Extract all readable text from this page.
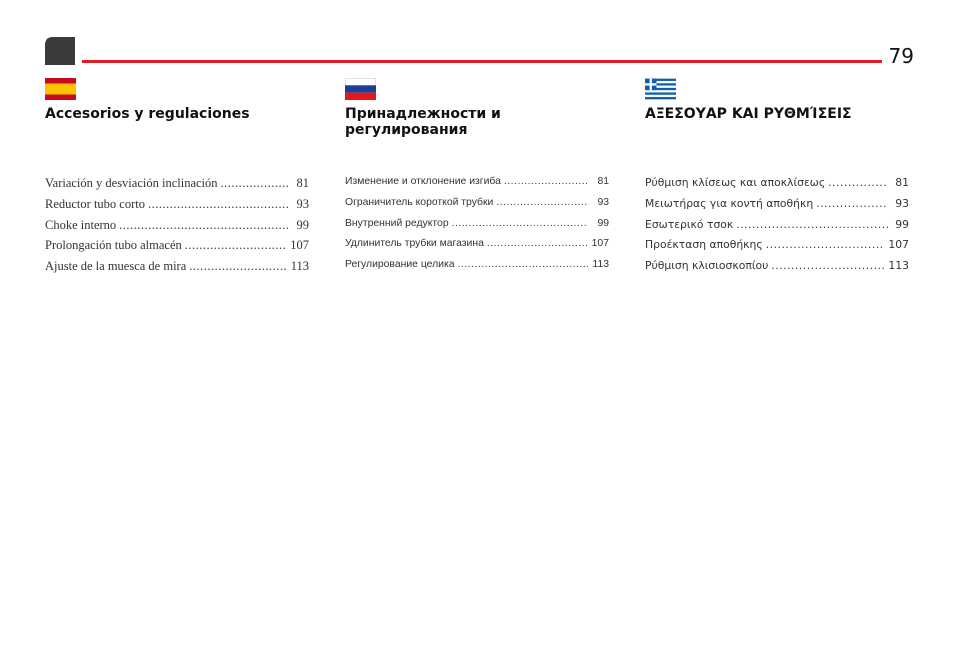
79
Accesorios y regulaciones
Variación y desviación inclinación .....	81
Reductor tubo corto .....	93
Choke interno .....	99
Prolongación tubo almacén .....	107
Ajuste de la muesca de mira .....	113
Принадлежности и регулирования
Изменение и отклонение изгиба .....	81
Ограничитель короткой трубки .....	93
Внутренний редуктор .....	99
Удлинитель трубки магазина .....	107
Регулирование целика .....	113
ΑΞΕΣΟΥΑΡ ΚΑΙ ΡΥΘΜΊΣΕΙΣ
Ρύθμιση κλίσεως και αποκλίσεως .....	81
Μειωτήρας για κοντή αποθήκη .....	93
Εσωτερικό τσοκ .....	99
Προέκταση αποθήκης .....	107
Ρύθμιση κλισιοσκοπίου .....	113
